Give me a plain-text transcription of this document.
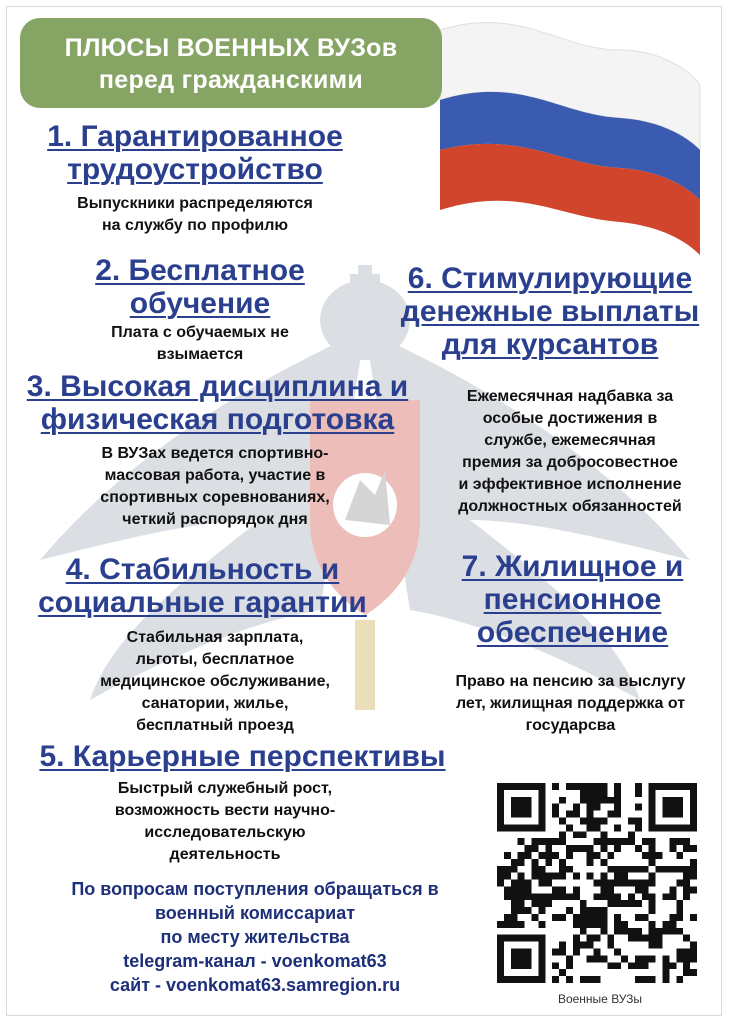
ПЛЮСЫ ВОЕННЫХ ВУЗов
перед гражданскими
1. Гарантированное
трудоустройство
Выпускники распределяются
на службу по профилю
2. Бесплатное
обучение
Плата с обучаемых не
взымается
3. Высокая дисциплина и
физическая подготовка
В ВУЗах ведется спортивно-
массовая работа, участие в
спортивных соревнованиях,
четкий распорядок дня
4. Стабильность и
социальные гарантии
Стабильная зарплата,
льготы, бесплатное
медицинское обслуживание,
санатории, жилье,
бесплатный проезд
5. Карьерные перспективы
Быстрый служебный рост,
возможность вести научно-
исследовательскую
деятельность
6. Стимулирующие
денежные выплаты
для курсантов
Ежемесячная надбавка за
особые достижения в
службе, ежемесячная
премия за добросовестное
и эффективное исполнение
должностных обязанностей
7. Жилищное и
пенсионное
обеспечение
Право на пенсию за выслугу
лет, жилищная поддержка от
государсва
По вопросам поступления обращаться в
военный комиссариат
по месту жительства
telegram-канал - voenkomat63
сайт - voenkomat63.samregion.ru
Военные ВУЗы
